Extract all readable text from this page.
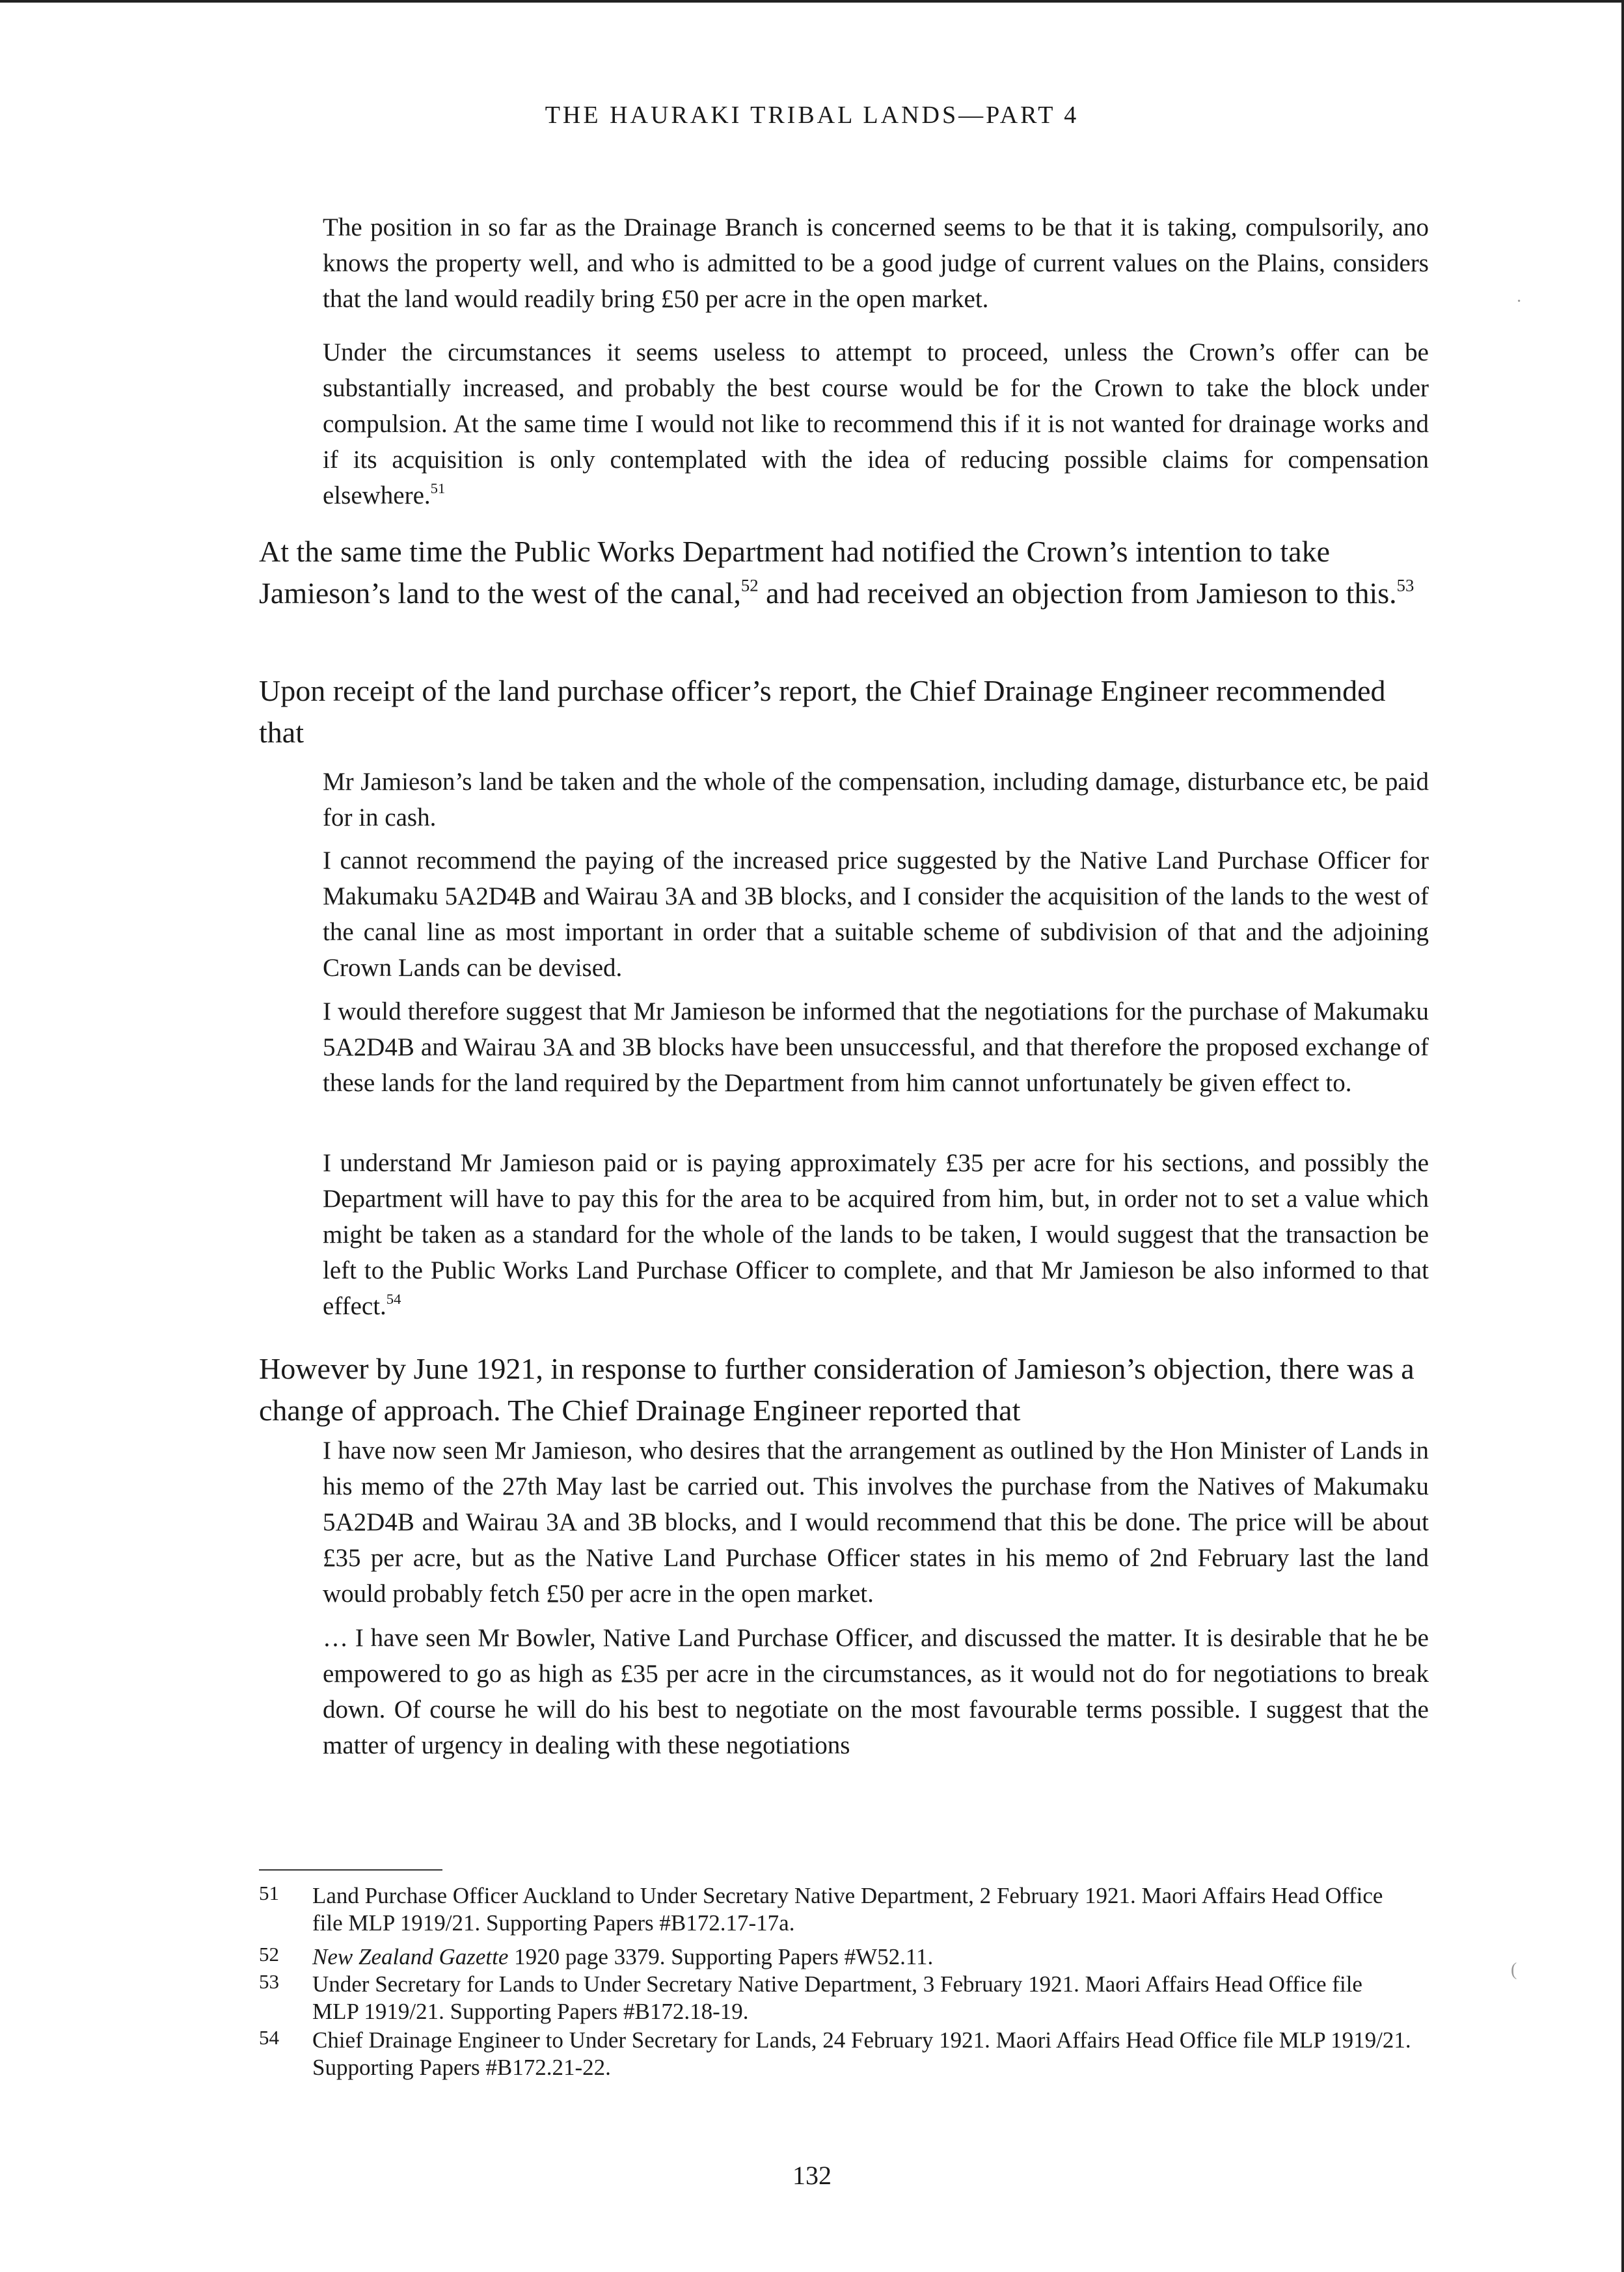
THE HAURAKI TRIBAL LANDS—PART 4

The position in so far as the Drainage Branch is concerned seems to be that it is taking, compulsorily, ano knows the property well, and who is admitted to be a good judge of current values on the Plains, considers that the land would readily bring £50 per acre in the open market.

Under the circumstances it seems useless to attempt to proceed, unless the Crown’s offer can be substantially increased, and probably the best course would be for the Crown to take the block under compulsion. At the same time I would not like to recommend this if it is not wanted for drainage works and if its acquisition is only contemplated with the idea of reducing possible claims for compensation elsewhere.$^{51}$

At the same time the Public Works Department had notified the Crown’s intention to take Jamieson’s land to the west of the canal,$^{52}$ and had received an objection from Jamieson to this.$^{53}$

Upon receipt of the land purchase officer’s report, the Chief Drainage Engineer recommended that

Mr Jamieson’s land be taken and the whole of the compensation, including damage, disturbance etc, be paid for in cash.

I cannot recommend the paying of the increased price suggested by the Native Land Purchase Officer for Makumaku 5A2D4B and Wairau 3A and 3B blocks, and I consider the acquisition of the lands to the west of the canal line as most important in order that a suitable scheme of subdivision of that and the adjoining Crown Lands can be devised.

I would therefore suggest that Mr Jamieson be informed that the negotiations for the purchase of Makumaku 5A2D4B and Wairau 3A and 3B blocks have been unsuccessful, and that therefore the proposed exchange of these lands for the land required by the Department from him cannot unfortunately be given effect to.

I understand Mr Jamieson paid or is paying approximately £35 per acre for his sections, and possibly the Department will have to pay this for the area to be acquired from him, but, in order not to set a value which might be taken as a standard for the whole of the lands to be taken, I would suggest that the transaction be left to the Public Works Land Purchase Officer to complete, and that Mr Jamieson be also informed to that effect.$^{54}$

However by June 1921, in response to further consideration of Jamieson’s objection, there was a change of approach. The Chief Drainage Engineer reported that

I have now seen Mr Jamieson, who desires that the arrangement as outlined by the Hon Minister of Lands in his memo of the 27th May last be carried out. This involves the purchase from the Natives of Makumaku 5A2D4B and Wairau 3A and 3B blocks, and I would recommend that this be done. The price will be about £35 per acre, but as the Native Land Purchase Officer states in his memo of 2nd February last the land would probably fetch £50 per acre in the open market.

… I have seen Mr Bowler, Native Land Purchase Officer, and discussed the matter. It is desirable that he be empowered to go as high as £35 per acre in the circumstances, as it would not do for negotiations to break down. Of course he will do his best to negotiate on the most favourable terms possible. I suggest that the matter of urgency in dealing with these negotiations

51 Land Purchase Officer Auckland to Under Secretary Native Department, 2 February 1921. Maori Affairs Head Office file MLP 1919/21. Supporting Papers #B172.17-17a.
52 New Zealand Gazette 1920 page 3379. Supporting Papers #W52.11.
53 Under Secretary for Lands to Under Secretary Native Department, 3 February 1921. Maori Affairs Head Office file MLP 1919/21. Supporting Papers #B172.18-19.
54 Chief Drainage Engineer to Under Secretary for Lands, 24 February 1921. Maori Affairs Head Office file MLP 1919/21. Supporting Papers #B172.21-22.
132
·
(
